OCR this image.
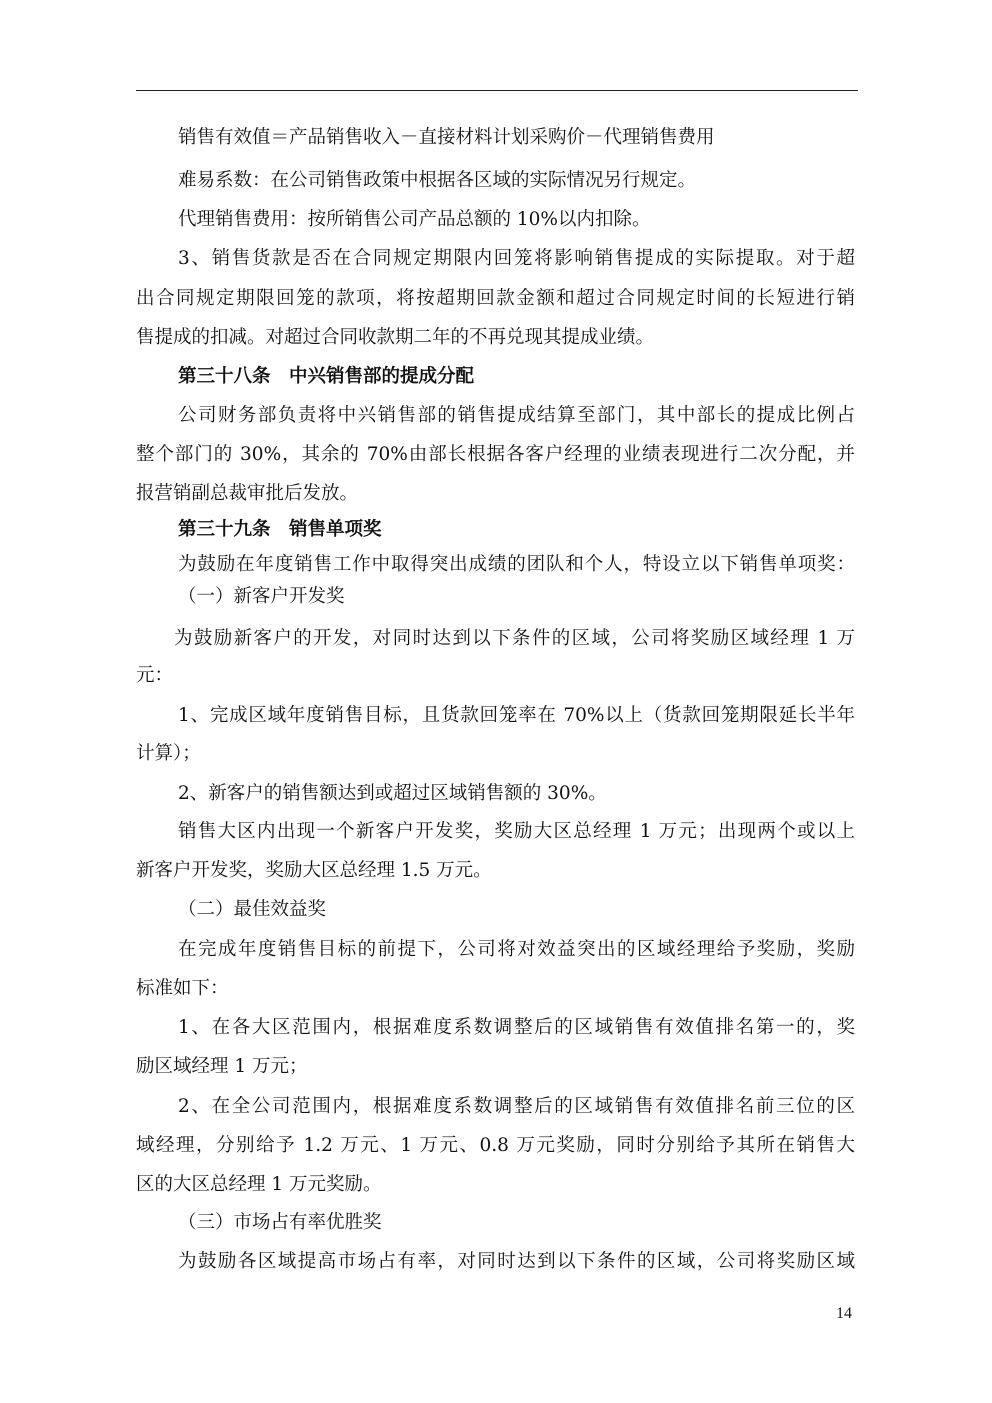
销售有效值＝产品销售收入－直接材料计划采购价－代理销售费用
难易系数：在公司销售政策中根据各区域的实际情况另行规定。
代理销售费用：按所销售公司产品总额的 10%以内扣除。
3、销售货款是否在合同规定期限内回笼将影响销售提成的实际提取。对于超
出合同规定期限回笼的款项，将按超期回款金额和超过合同规定时间的长短进行销
售提成的扣减。对超过合同收款期二年的不再兑现其提成业绩。
第三十八条　中兴销售部的提成分配
公司财务部负责将中兴销售部的销售提成结算至部门，其中部长的提成比例占
整个部门的 30%，其余的 70%由部长根据各客户经理的业绩表现进行二次分配，并
报营销副总裁审批后发放。
第三十九条　销售单项奖
为鼓励在年度销售工作中取得突出成绩的团队和个人，特设立以下销售单项奖：
（一）新客户开发奖
为鼓励新客户的开发，对同时达到以下条件的区域，公司将奖励区域经理 1 万
元：
1、完成区域年度销售目标，且货款回笼率在 70%以上（货款回笼期限延长半年
计算）；
2、新客户的销售额达到或超过区域销售额的 30%。
销售大区内出现一个新客户开发奖，奖励大区总经理 1 万元；出现两个或以上
新客户开发奖，奖励大区总经理 1.5 万元。
（二）最佳效益奖
在完成年度销售目标的前提下，公司将对效益突出的区域经理给予奖励，奖励
标准如下：
1、在各大区范围内，根据难度系数调整后的区域销售有效值排名第一的，奖
励区域经理 1 万元；
2、在全公司范围内，根据难度系数调整后的区域销售有效值排名前三位的区
域经理，分别给予 1.2 万元、1 万元、0.8 万元奖励，同时分别给予其所在销售大
区的大区总经理 1 万元奖励。
（三）市场占有率优胜奖
为鼓励各区域提高市场占有率，对同时达到以下条件的区域，公司将奖励区域
14
